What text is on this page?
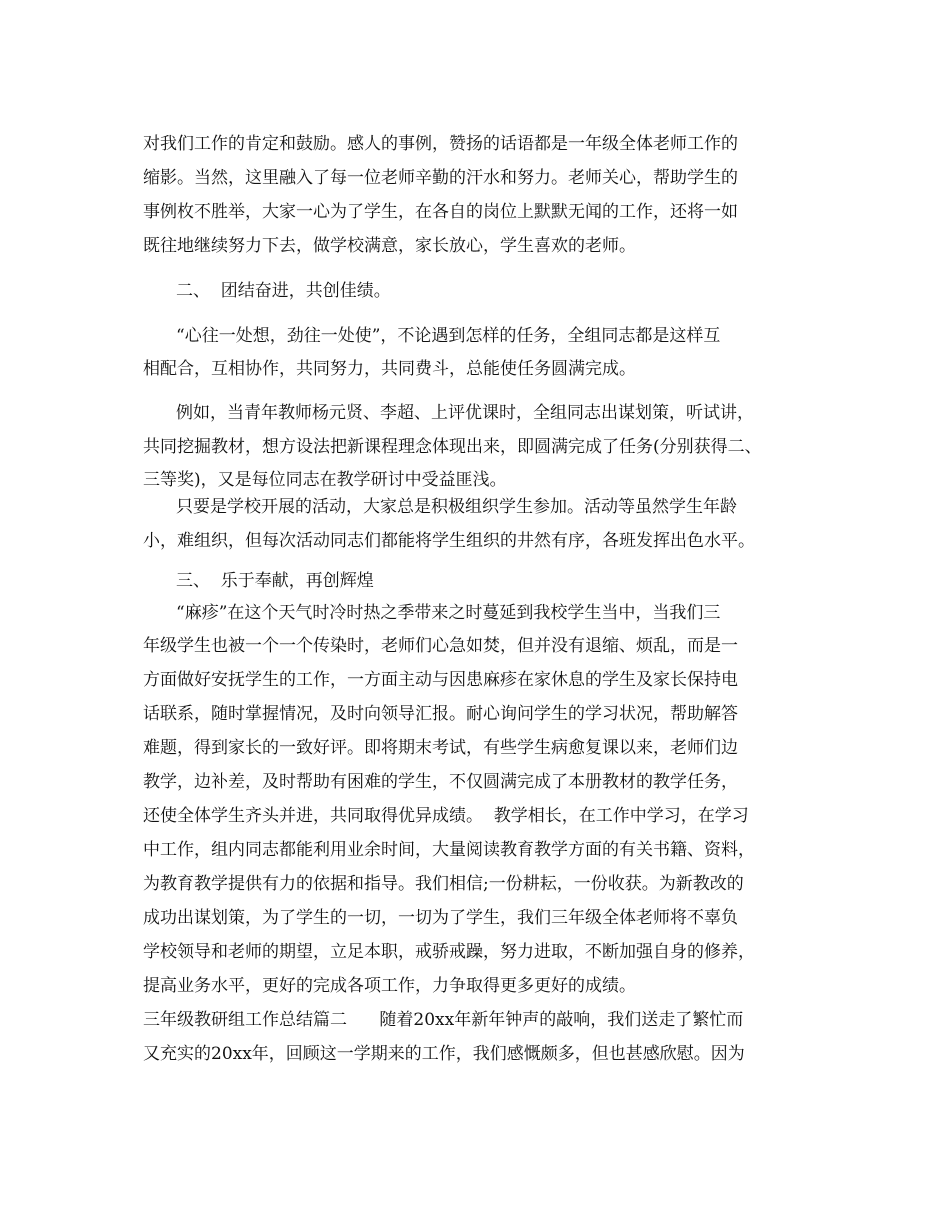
对我们工作的肯定和鼓励。感人的事例，赞扬的话语都是一年级全体老师工作的

缩影。当然，这里融入了每一位老师辛勤的汗水和努力。老师关心，帮助学生的

事例枚不胜举，大家一心为了学生，在各自的岗位上默默无闻的工作，还将一如

既往地继续努力下去，做学校满意，家长放心，学生喜欢的老师。

二、  团结奋进，共创佳绩。

“心往一处想，劲往一处使”，不论遇到怎样的任务，全组同志都是这样互

相配合，互相协作，共同努力，共同费斗，总能使任务圆满完成。

例如，当青年教师杨元贤、李超、上评优课时，全组同志出谋划策，听试讲，

共同挖掘教材，想方设法把新课程理念体现出来，即圆满完成了任务(分别获得二、

三等奖)，又是每位同志在教学研讨中受益匪浅。

只要是学校开展的活动，大家总是积极组织学生参加。活动等虽然学生年龄

小，难组织，但每次活动同志们都能将学生组织的井然有序，各班发挥出色水平。

三、  乐于奉献，再创辉煌

“麻疹”在这个天气时冷时热之季带来之时蔓延到我校学生当中，当我们三

年级学生也被一个一个传染时，老师们心急如焚，但并没有退缩、烦乱，而是一

方面做好安抚学生的工作，一方面主动与因患麻疹在家休息的学生及家长保持电

话联系，随时掌握情况，及时向领导汇报。耐心询问学生的学习状况，帮助解答

难题，得到家长的一致好评。即将期末考试，有些学生病愈复课以来，老师们边

教学，边补差，及时帮助有困难的学生，不仅圆满完成了本册教材的教学任务，

还使全体学生齐头并进，共同取得优异成绩。  教学相长，在工作中学习，在学习

中工作，组内同志都能利用业余时间，大量阅读教育教学方面的有关书籍、资料，

为教育教学提供有力的依据和指导。我们相信;一份耕耘，一份收获。为新教改的

成功出谋划策，为了学生的一切，一切为了学生，我们三年级全体老师将不辜负

学校领导和老师的期望，立足本职，戒骄戒躁，努力进取，不断加强自身的修养，

提高业务水平，更好的完成各项工作，力争取得更多更好的成绩。

三年级教研组工作总结篇二      随着20xx年新年钟声的敲响，我们送走了繁忙而

又充实的20xx年，回顾这一学期来的工作，我们感慨颇多，但也甚感欣慰。因为
